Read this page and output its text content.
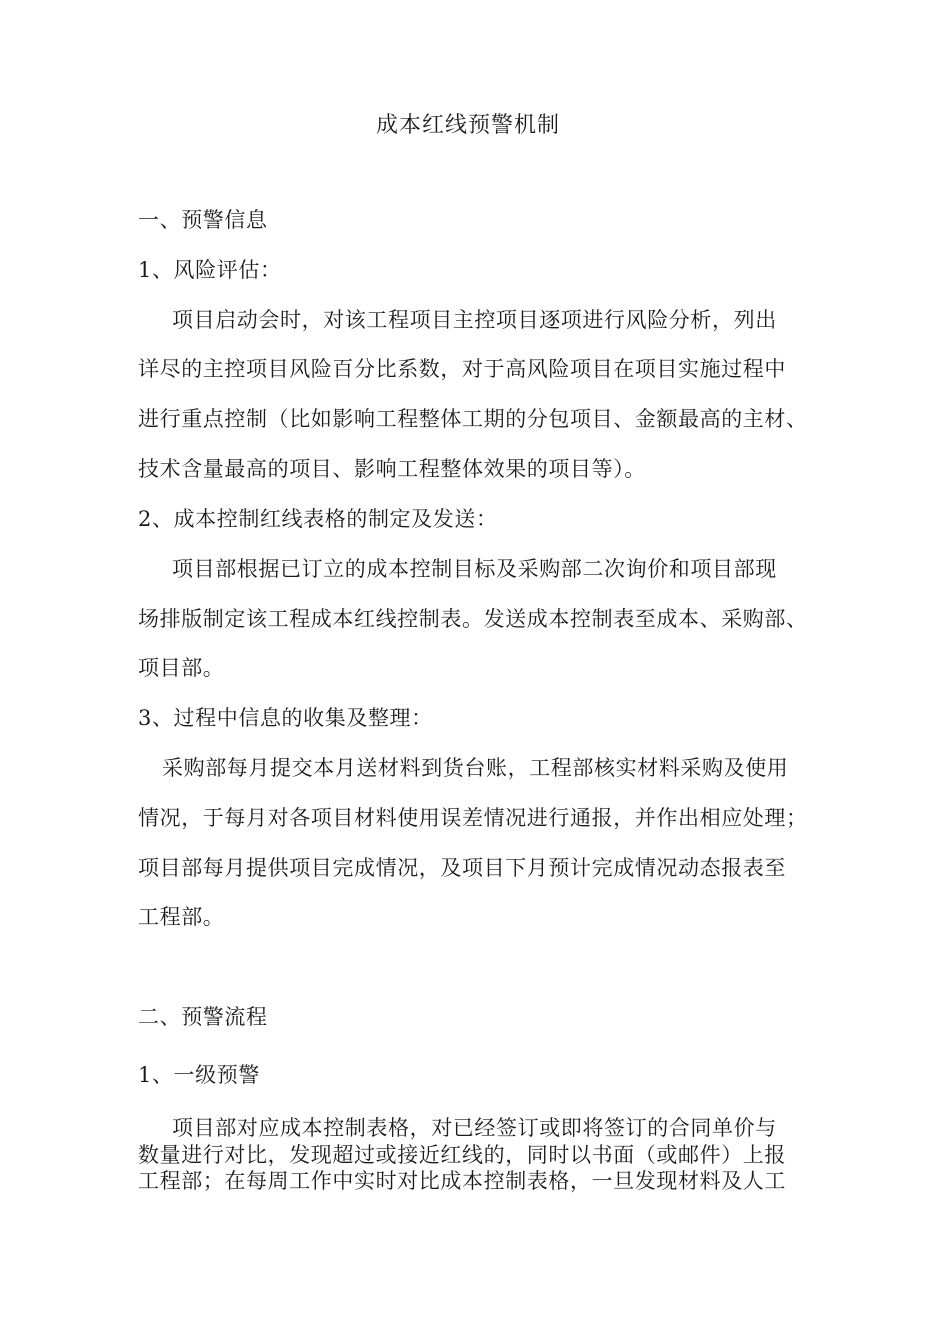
成本红线预警机制
一、预警信息
1、风险评估：
项目启动会时，对该工程项目主控项目逐项进行风险分析，列出
详尽的主控项目风险百分比系数，对于高风险项目在项目实施过程中
进行重点控制（比如影响工程整体工期的分包项目、金额最高的主材、
技术含量最高的项目、影响工程整体效果的项目等）。
2、成本控制红线表格的制定及发送：
项目部根据已订立的成本控制目标及采购部二次询价和项目部现
场排版制定该工程成本红线控制表。发送成本控制表至成本、采购部、
项目部。
3、过程中信息的收集及整理：
采购部每月提交本月送材料到货台账，工程部核实材料采购及使用
情况，于每月对各项目材料使用误差情况进行通报，并作出相应处理；
项目部每月提供项目完成情况，及项目下月预计完成情况动态报表至
工程部。
二、预警流程
1、一级预警
项目部对应成本控制表格，对已经签订或即将签订的合同单价与
数量进行对比，发现超过或接近红线的，同时以书面（或邮件）上报
工程部；在每周工作中实时对比成本控制表格，一旦发现材料及人工
